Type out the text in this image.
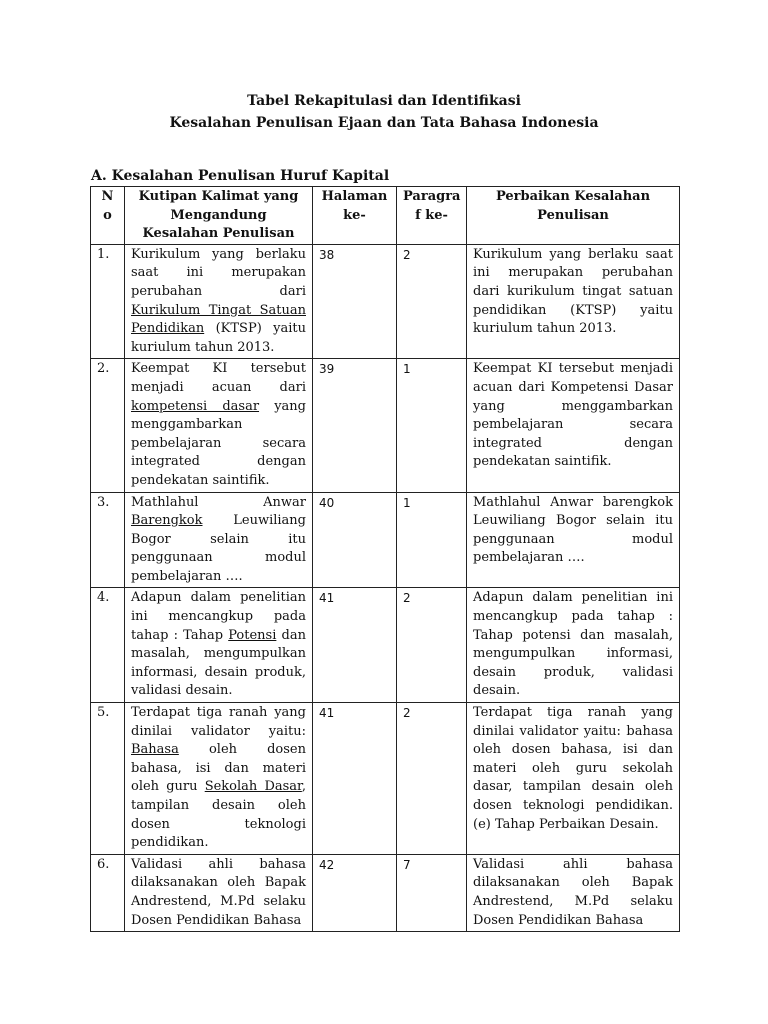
Tabel Rekapitulasi dan Identifikasi
Kesalahan Penulisan Ejaan dan Tata Bahasa Indonesia
A. Kesalahan Penulisan Huruf Kapital
N o	Kutipan Kalimat yang Mengandung Kesalahan Penulisan	Halaman ke-	Paragra f ke-	Perbaikan Kesalahan Penulisan
1.	Kurikulum yang berlaku saat ini merupakan perubahan dari Kurikulum Tingat Satuan Pendidikan (KTSP) yaitu kuriulum tahun 2013.	38	2	Kurikulum yang berlaku saat ini merupakan perubahan dari kurikulum tingat satuan pendidikan (KTSP) yaitu kuriulum tahun 2013.
2.	Keempat KI tersebut menjadi acuan dari kompetensi dasar yang menggambarkan pembelajaran secara integrated dengan pendekatan saintifik.	39	1	Keempat KI tersebut menjadi acuan dari Kompetensi Dasar yang menggambarkan pembelajaran secara integrated dengan pendekatan saintifik.
3.	Mathlahul Anwar Barengkok Leuwiliang Bogor selain itu penggunaan modul pembelajaran ….	40	1	Mathlahul Anwar barengkok Leuwiliang Bogor selain itu penggunaan modul pembelajaran ….
4.	Adapun dalam penelitian ini mencangkup pada tahap : Tahap Potensi dan masalah, mengumpulkan informasi, desain produk, validasi desain.	41	2	Adapun dalam penelitian ini mencangkup pada tahap : Tahap potensi dan masalah, mengumpulkan informasi, desain produk, validasi desain.
5.	Terdapat tiga ranah yang dinilai validator yaitu: Bahasa oleh dosen bahasa, isi dan materi oleh guru Sekolah Dasar, tampilan desain oleh dosen teknologi pendidikan.	41	2	Terdapat tiga ranah yang dinilai validator yaitu: bahasa oleh dosen bahasa, isi dan materi oleh guru sekolah dasar, tampilan desain oleh dosen teknologi pendidikan. (e) Tahap Perbaikan Desain.
6.	Validasi ahli bahasa dilaksanakan oleh Bapak Andrestend, M.Pd selaku Dosen Pendidikan Bahasa	42	7	Validasi ahli bahasa dilaksanakan oleh Bapak Andrestend, M.Pd selaku Dosen Pendidikan Bahasa
